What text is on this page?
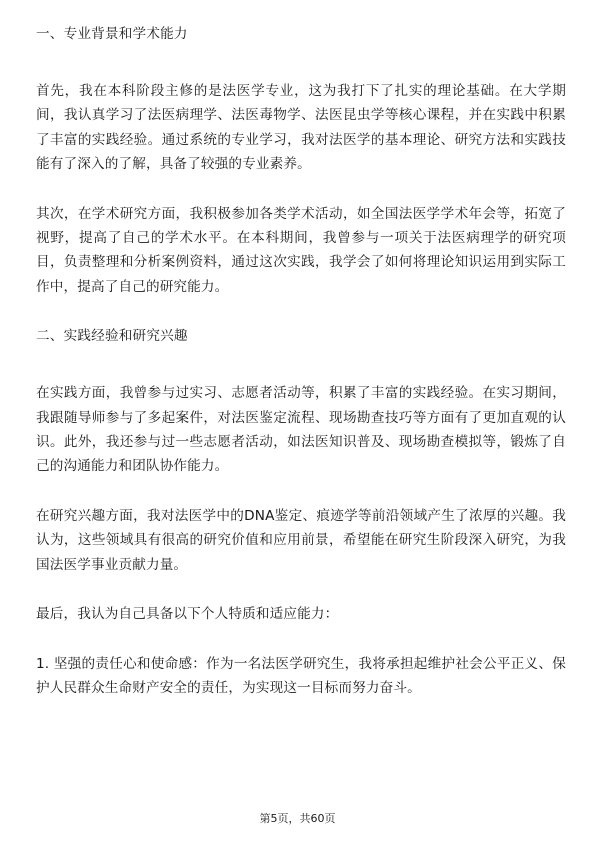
一、专业背景和学术能力

首先，我在本科阶段主修的是法医学专业，这为我打下了扎实的理论基础。在大学期间，我认真学习了法医病理学、法医毒物学、法医昆虫学等核心课程，并在实践中积累了丰富的实践经验。通过系统的专业学习，我对法医学的基本理论、研究方法和实践技能有了深入的了解，具备了较强的专业素养。

其次，在学术研究方面，我积极参加各类学术活动，如全国法医学学术年会等，拓宽了视野，提高了自己的学术水平。在本科期间，我曾参与一项关于法医病理学的研究项目，负责整理和分析案例资料，通过这次实践，我学会了如何将理论知识运用到实际工作中，提高了自己的研究能力。

二、实践经验和研究兴趣

在实践方面，我曾参与过实习、志愿者活动等，积累了丰富的实践经验。在实习期间，我跟随导师参与了多起案件，对法医鉴定流程、现场勘查技巧等方面有了更加直观的认识。此外，我还参与过一些志愿者活动，如法医知识普及、现场勘查模拟等，锻炼了自己的沟通能力和团队协作能力。

在研究兴趣方面，我对法医学中的DNA鉴定、痕迹学等前沿领域产生了浓厚的兴趣。我认为，这些领域具有很高的研究价值和应用前景，希望能在研究生阶段深入研究，为我国法医学事业贡献力量。

最后，我认为自己具备以下个人特质和适应能力：

1. 坚强的责任心和使命感：作为一名法医学研究生，我将承担起维护社会公平正义、保护人民群众生命财产安全的责任，为实现这一目标而努力奋斗。

第5页，共60页
